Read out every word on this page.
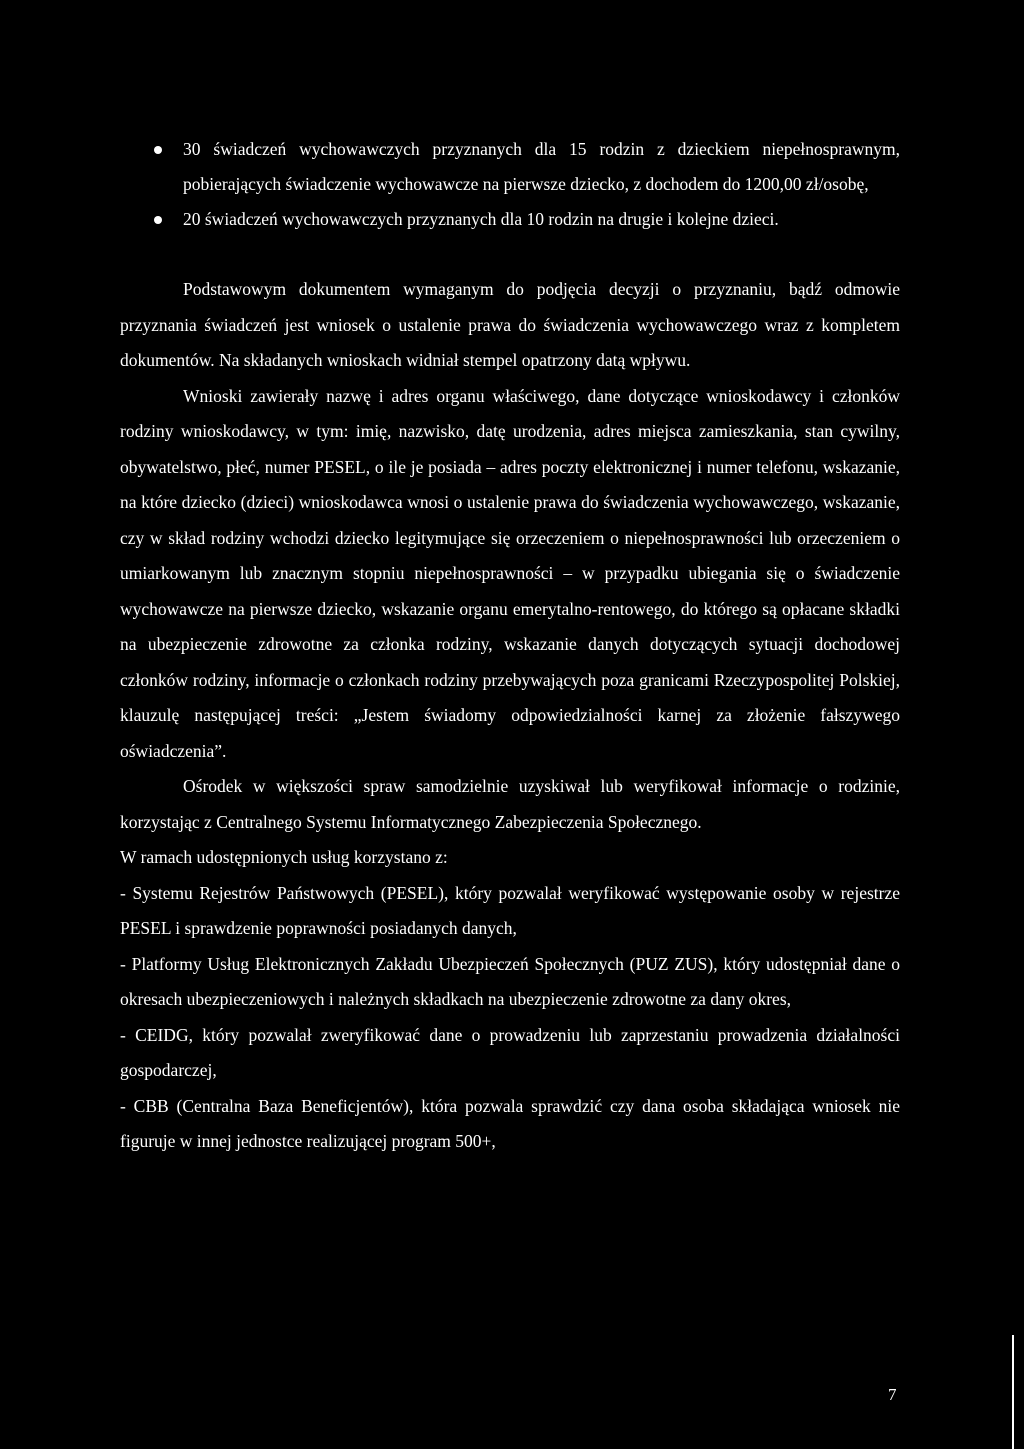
30 świadczeń wychowawczych przyznanych dla 15 rodzin z dzieckiem niepełnosprawnym, pobierających świadczenie wychowawcze na pierwsze dziecko, z dochodem do 1200,00 zł/osobę,
20 świadczeń wychowawczych przyznanych dla 10 rodzin na drugie i kolejne dzieci.

Podstawowym dokumentem wymaganym do podjęcia decyzji o przyznaniu, bądź odmowie przyznania świadczeń jest wniosek o ustalenie prawa do świadczenia wychowawczego wraz z kompletem dokumentów. Na składanych wnioskach widniał stempel opatrzony datą wpływu.

Wnioski zawierały nazwę i adres organu właściwego, dane dotyczące wnioskodawcy i członków rodziny wnioskodawcy, w tym: imię, nazwisko, datę urodzenia, adres miejsca zamieszkania, stan cywilny, obywatelstwo, płeć, numer PESEL, o ile je posiada – adres poczty elektronicznej i numer telefonu, wskazanie, na które dziecko (dzieci) wnioskodawca wnosi o ustalenie prawa do świadczenia wychowawczego, wskazanie, czy w skład rodziny wchodzi dziecko legitymujące się orzeczeniem o niepełnosprawności lub orzeczeniem o umiarkowanym lub znacznym stopniu niepełnosprawności – w przypadku ubiegania się o świadczenie wychowawcze na pierwsze dziecko, wskazanie organu emerytalno-rentowego, do którego są opłacane składki na ubezpieczenie zdrowotne za członka rodziny, wskazanie danych dotyczących sytuacji dochodowej członków rodziny, informacje o członkach rodziny przebywających poza granicami Rzeczypospolitej Polskiej, klauzulę następującej treści: „Jestem świadomy odpowiedzialności karnej za złożenie fałszywego oświadczenia”.

Ośrodek w większości spraw samodzielnie uzyskiwał lub weryfikował informacje o rodzinie, korzystając z Centralnego Systemu Informatycznego Zabezpieczenia Społecznego.

W ramach udostępnionych usług korzystano z:

- Systemu Rejestrów Państwowych (PESEL), który pozwalał weryfikować występowanie osoby w rejestrze PESEL i sprawdzenie poprawności posiadanych danych,

- Platformy Usług Elektronicznych Zakładu Ubezpieczeń Społecznych (PUZ ZUS), który udostępniał dane o okresach ubezpieczeniowych i należnych składkach na ubezpieczenie zdrowotne za dany okres,

- CEIDG, który pozwalał zweryfikować dane o prowadzeniu lub zaprzestaniu prowadzenia działalności gospodarczej,

- CBB (Centralna Baza Beneficjentów), która pozwala sprawdzić czy dana osoba składająca wniosek nie figuruje w innej jednostce realizującej program 500+,

7
